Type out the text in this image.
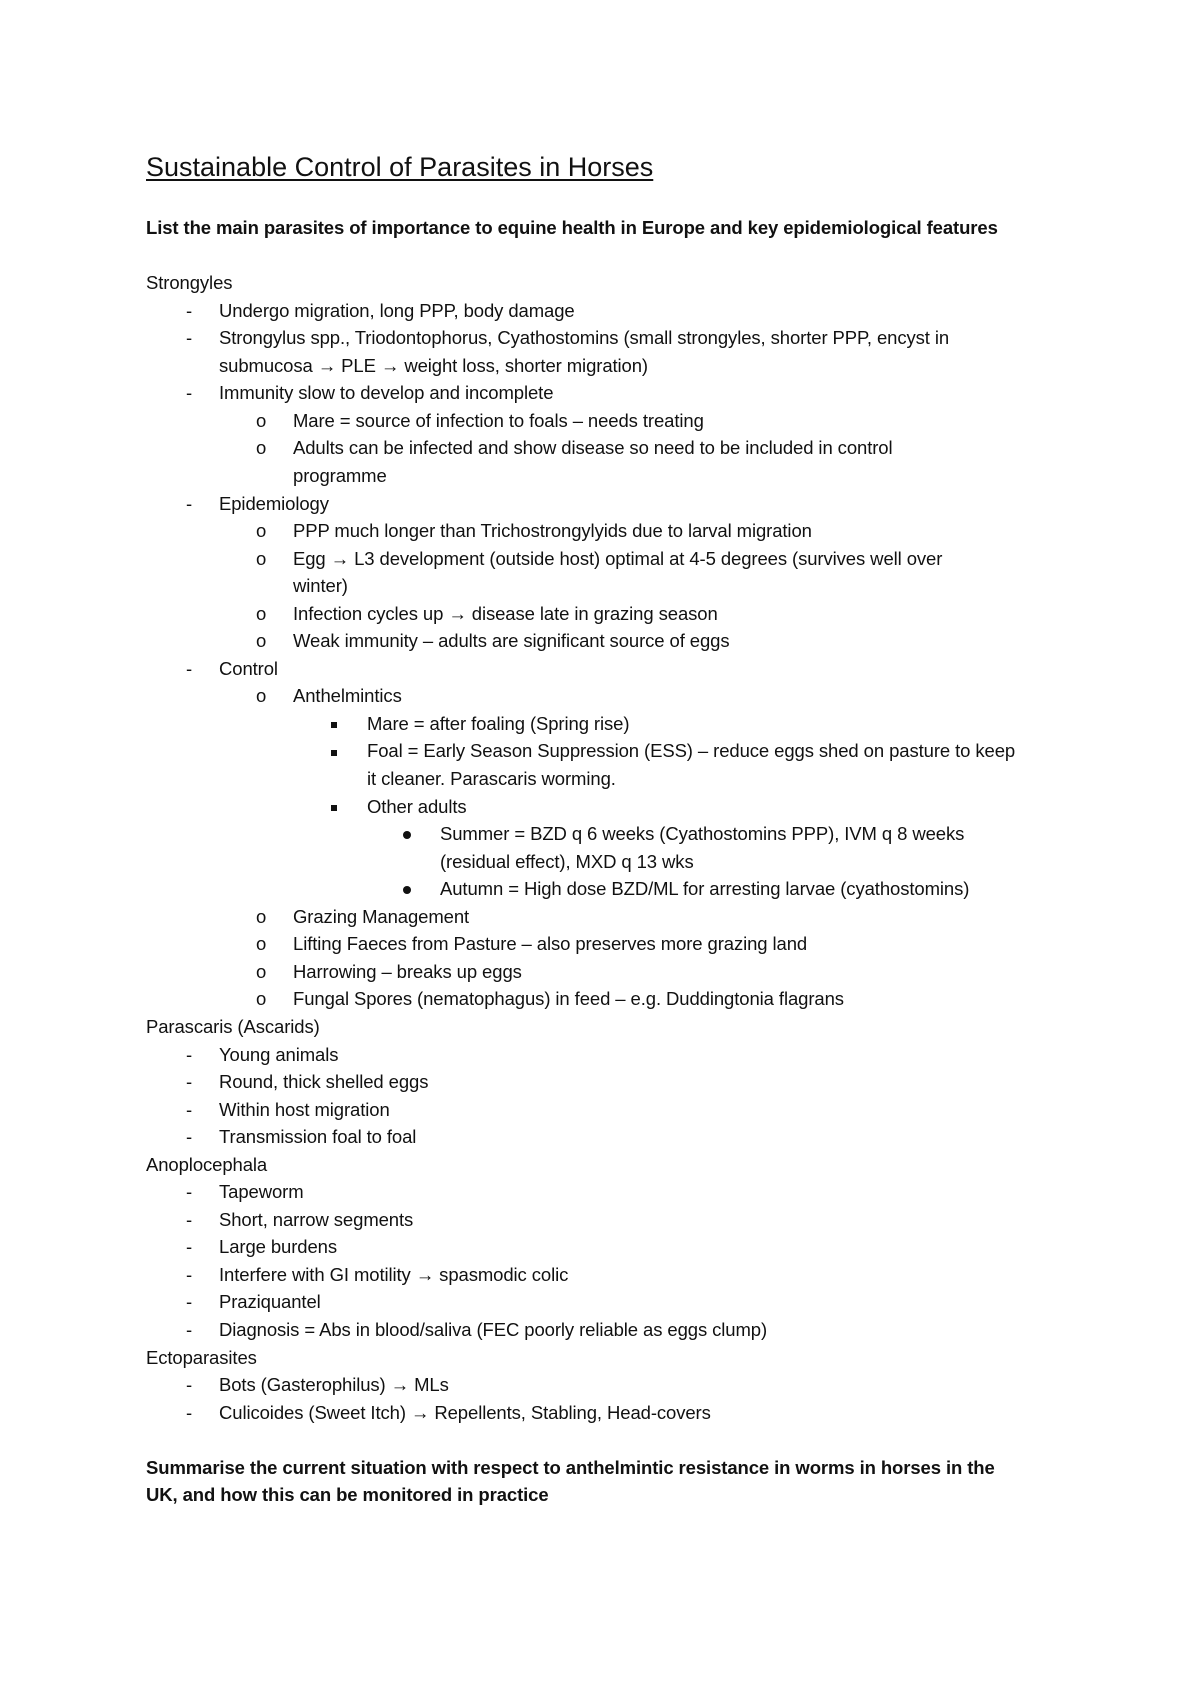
Sustainable Control of Parasites in Horses
List the main parasites of importance to equine health in Europe and key epidemiological features
Strongyles
- Undergo migration, long PPP, body damage
- Strongylus spp., Triodontophorus, Cyathostomins (small strongyles, shorter PPP, encyst in
submucosa → PLE → weight loss, shorter migration)
- Immunity slow to develop and incomplete
o Mare = source of infection to foals – needs treating
o Adults can be infected and show disease so need to be included in control
programme
- Epidemiology
o PPP much longer than Trichostrongylyids due to larval migration
o Egg → L3 development (outside host) optimal at 4-5 degrees (survives well over
winter)
o Infection cycles up → disease late in grazing season
o Weak immunity – adults are significant source of eggs
- Control
o Anthelmintics
Mare = after foaling (Spring rise)
Foal = Early Season Suppression (ESS) – reduce eggs shed on pasture to keep
it cleaner. Parascaris worming.
Other adults
Summer = BZD q 6 weeks (Cyathostomins PPP), IVM q 8 weeks
(residual effect), MXD q 13 wks
Autumn = High dose BZD/ML for arresting larvae (cyathostomins)
o Grazing Management
o Lifting Faeces from Pasture – also preserves more grazing land
o Harrowing – breaks up eggs
o Fungal Spores (nematophagus) in feed – e.g. Duddingtonia flagrans
Parascaris (Ascarids)
- Young animals
- Round, thick shelled eggs
- Within host migration
- Transmission foal to foal
Anoplocephala
- Tapeworm
- Short, narrow segments
- Large burdens
- Interfere with GI motility → spasmodic colic
- Praziquantel
- Diagnosis = Abs in blood/saliva (FEC poorly reliable as eggs clump)
Ectoparasites
- Bots (Gasterophilus) → MLs
- Culicoides (Sweet Itch) → Repellents, Stabling, Head-covers
Summarise the current situation with respect to anthelmintic resistance in worms in horses in the
UK, and how this can be monitored in practice
